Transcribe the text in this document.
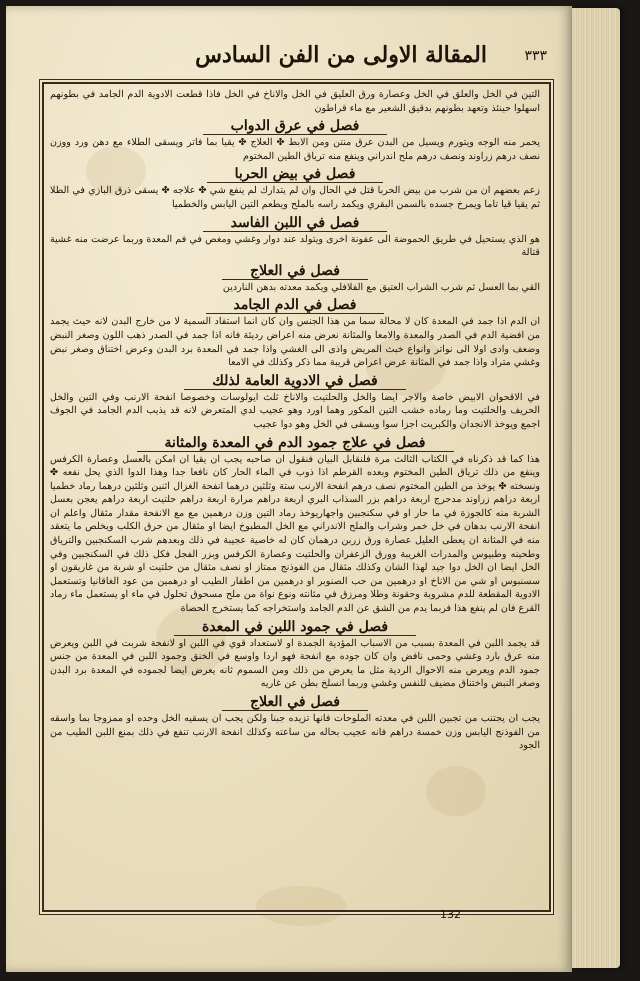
المقالة الاولى من الفن السادس	٣٣٣

التين في الخل والعلق في الخل وعصارة ورق العليق في الخل والاناخ في الخل فاذا قطعت الادوية الدم الجامد في بطونهم اسهلوا حينئذ وتعهد بطونهم بدقيق الشعير مع ماء قراطون

فصل في عرق الدواب

يحمر منه الوجه ويتورم ويسيل من البدن عرق منتن ومن الابط ✤ العلاج ✤ يقيا بما فاتر ويسقى الطلاء مع دهن ورد ووزن نصف درهم زراوند ونصف درهم ملح اندراني وينفع منه ترياق الطين المختوم

فصل في بيض الحربا

زعم بعضهم ان من شرب من بيض الحربا قتل في الحال وان لم يتدارك لم ينفع شي ✤ علاجه ✤ يسقى ذرق البازي في الطلا ثم يقيا قيا تاما ويمرخ جسده بالسمن البقري ويكمد راسه بالملح ويطعم التين اليابس والخطميا

فصل في اللبن الفاسد

هو الذي يستحيل في طريق الحموضة الى عفونة اخرى ويتولد عند دوار وغشي ومغص في فم المعدة وربما عرضت منه غشية قتالة

فصل في العلاج

القي بما العسل ثم شرب الشراب العتيق مع الفلافلي ويكمد معدته بدهن الناردين

فصل في الدم الجامد

ان الدم اذا جمد في المعدة كان لا محالة سما من هذا الجنس وان كان انما استفاد السمية لا من خارج البدن لانه حيث يجمد من افضية الدم في الصدر والمعدة والامعا والمثانة نعرض منه اعراض رديئة فانه اذا جمد في الصدر ذهب اللون وصغر النبض وضعف وادى اولا الى نواتر وانواع خبث المريض واذى الى الغشي واذا جمد في المعدة برد البدن وعرض اختناق وصغر نبض وغشي متراد واذا جمد في المثانة عرض اعراض قريبة مما ذكر وكذلك في الامعا

فصل في الادوية العامة لذلك

في الاقحوان الابيض خاصة والاجر ايضا والخل والحلتيت والاناخ ثلث ايولوسات وخصوصا انفحة الارنب وفي التين والخل الحريف والحلتيت وما رماده خشب التين المكور وهما اورد وهو عجيب لدي المتعرض لانه قد يذيب الدم الجامد في الجوف اجمع ويوخذ الانجدان والكبريت اجزا سوا ويسقى في الخل وهو دوا عجيب

فصل في علاج جمود الدم في المعدة والمثانة

هذا كما قد ذكرناه في الكتاب الثالث مرة فلنقابل البيان فنقول ان صاحبه يجب ان يقيا ان امكن بالعسل وعصارة الكرفس وينفع من ذلك ترياق الطين المختوم وبعده القرطم اذا ذوب في الماء الحار كان نافعا جدا وهذا الدوا الذي يحل نفعه ✤ ونسخته ✤ يوخذ من الطين المختوم نصف درهم انفحة الارنب ستة وثلثين درهما انفحة الغزال اثنين وثلثين درهما رماد خطميا اربعة دراهم زراوند مدحرج اربعة دراهم بزر السذاب البري اربعة دراهم مرارة اربعة دراهم حلتيت اربعة دراهم يعجن بعسل الشربة منه كالجوزة في ما حار او في سكنجبين واجهاريوخذ رماد التين وزن درهمين مع مع الانفحة مقدار مثقال واعلم ان انفحة الارنب بدهان في خل خمر وشراب والملح الاندراني مع الخل المطبوخ ايضا او مثقال من حرق الكلب ويخلص ما يتعقد منه في المثانة ان يعطى العليل عصارة ورق زربن درهمان كان له خاصية عجيبة في ذلك وبعدهم شرب السكنجبين والترياق وطحينه وطبيوس والمدرات الغريبة وورق الزعفران والحلتيت وعصارة الكرفس وبزر الفجل فكل ذلك في السكنجبين وفي الخل ايضا ان الخل دوا جيد لهذا الشان وكذلك مثقال من الفوذنج ممتاز او نصف مثقال من حلتيت او شربة من غاريقون او سسنبوس او شي من الاناخ او درهمين من حب الصنوبر او درهمين من اطفار الطيب او درهمين من عود الغاقانيا وتستعمل الادوية المقطعة للدم مشروبة وحقونة وطلا ومرزق في مثانته ونوع نواة من ملح مسحوق تحلول في ماء او يستعمل ماء رماد القرع فان لم ينفع هذا فربما يدم من الشق عن الدم الجامد واستخراجه كما يستخرج الحصاة

فصل في جمود اللبن في المعدة

قد يجمد اللبن في المعدة بسبب من الاسباب المؤدية الجمدة او لاستعداد قوي في اللبن او لانفحة شربت في اللبن ويعرض منه عرق بارد وغشي وحمى نافض وان كان جوده مع انفحة فهو اردا واوسع في الخنق وجمود اللبن في المعدة من جنس جمود الدم ويعرض منه الاحوال الردية مثل ما يعرض من ذلك ومن السموم ثانه يعرض ايضا لجموده في المعدة برد البدن وصغر النبض واختناق مضيف للنفس وغشي وربما انسلخ بطن عن غاريه

فصل في العلاج

يجب ان يجتنب من تجبين اللبن في معدته الملوحات فانها تزيده جبنا ولكن يجب ان يسقيه الخل وحده او ممزوجا بما واسقه من الفوذنج اليابس وزن خمسة دراهم فانه عجيب بحاله من ساعته وكذلك انفحة الارنب تنفع في ذلك بمنع اللبن الطيب من الجود

132
